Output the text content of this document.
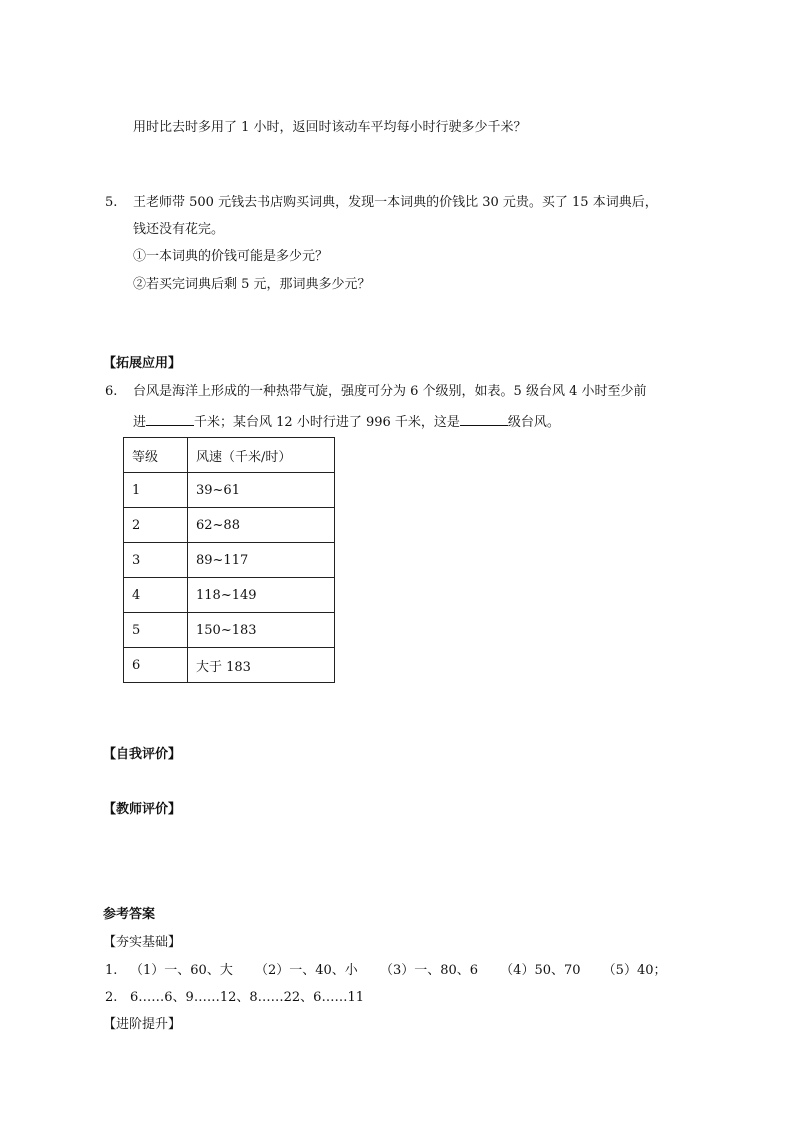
用时比去时多用了 1 小时，返回时该动车平均每小时行驶多少千米？
5. 王老师带 500 元钱去书店购买词典，发现一本词典的价钱比 30 元贵。买了 15 本词典后，
钱还没有花完。
①一本词典的价钱可能是多少元？
②若买完词典后剩 5 元，那词典多少元？
【拓展应用】
6. 台风是海洋上形成的一种热带气旋，强度可分为 6 个级别，如表。5 级台风 4 小时至少前
进	千米；某台风 12 小时行进了 996 千米，这是	级台风。
等级	风速（千米/时）
1	39~61
2	62~88
3	89~117
4	118~149
5	150~183
6	大于 183
【自我评价】
【教师评价】
参考答案
【夯实基础】
1. （1）一、60、大 （2）一、40、小 （3）一、80、6 （4）50、70 （5）40；
2. 6……6、9……12、8……22、6……11
【进阶提升】
